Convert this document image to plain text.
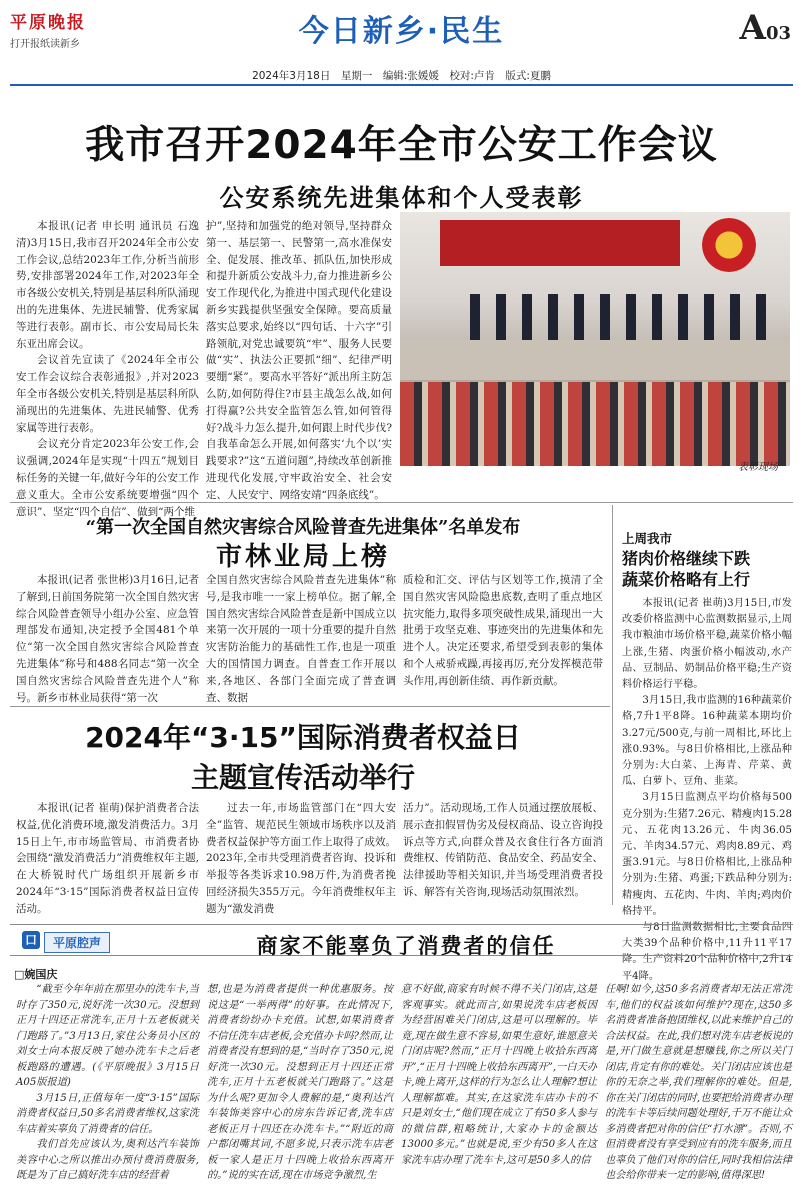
平原晚报
打开报纸读新乡	今日新乡·民生	A03
2024年3月18日　星期一　编辑:张媛媛　校对:卢肯　版式:夏鹏
我市召开2024年全市公安工作会议
公安系统先进集体和个人受表彰

本报讯(记者 申长明 通讯员 石逸清)3月15日,我市召开2024年全市公安工作会议,总结2023年工作,分析当前形势,安排部署2024年工作,对2023年全市各级公安机关,特别是基层科所队涌现出的先进集体、先进民辅警、优秀家属等进行表彰。副市长、市公安局局长朱东亚出席会议。

会议首先宣读了《2024年全市公安工作会议综合表彰通报》,并对2023年全市各级公安机关,特别是基层科所队涌现出的先进集体、先进民辅警、优秀家属等进行表彰。

会议充分肯定2023年公安工作,会议强调,2024年是实现“十四五”规划目标任务的关键一年,做好今年的公安工作意义重大。全市公安系统要增强“四个意识”、坚定“四个自信”、做到“两个维

护”,坚持和加强党的绝对领导,坚持群众第一、基层第一、民警第一,高水准保安全、促发展、推改革、抓队伍,加快形成和提升新质公安战斗力,奋力推进新乡公安工作现代化,为推进中国式现代化建设新乡实践提供坚强安全保障。要高质量落实总要求,始终以“四句话、十六字”引路领航,对党忠诚要筑“牢”、服务人民要做“实”、执法公正要抓“细”、纪律严明要绷“紧”。要高水平答好“派出所主防怎么防,如何防得住?市县主战怎么战,如何打得赢?公共安全监管怎么管,如何管得好?战斗力怎么提升,如何跟上时代步伐?自我革命怎么开展,如何落实‘九个以’实践要求?”这“五道问题”,持续改革创新推进现代化发展,守牢政治安全、社会安定、人民安宁、网络安靖“四条底线”。

表彰现场
“第一次全国自然灾害综合风险普查先进集体”名单发布
市林业局上榜

本报讯(记者 张世彬)3月16日,记者了解到,日前国务院第一次全国自然灾害综合风险普查领导小组办公室、应急管理部发布通知,决定授予全国481个单位“第一次全国自然灾害综合风险普查先进集体”称号和488名同志“第一次全国自然灾害综合风险普查先进个人”称号。新乡市林业局获得“第一次

全国自然灾害综合风险普查先进集体”称号,是我市唯一一家上榜单位。据了解,全国自然灾害综合风险普查是新中国成立以来第一次开展的一项十分重要的提升自然灾害防治能力的基础性工作,也是一项重大的国情国力调查。自普查工作开展以来,各地区、各部门全面完成了普查调查、数据

质检和汇交、评估与区划等工作,摸清了全国自然灾害风险隐患底数,查明了重点地区抗灾能力,取得多项突破性成果,涌现出一大批勇于攻坚克难、事迹突出的先进集体和先进个人。决定还要求,希望受到表彰的集体和个人戒骄戒躁,再接再厉,充分发挥模范带头作用,再创新佳绩、再作新贡献。

2024年“3·15”国际消费者权益日
主题宣传活动举行

本报讯(记者 崔萌)保护消费者合法权益,优化消费环境,激发消费活力。3月15日上午,市市场监管局、市消费者协会围绕“激发消费活力”消费维权年主题,在大桥锐时代广场组织开展新乡市2024年“3·15”国际消费者权益日宣传活动。

过去一年,市场监管部门在“四大安全”监管、规范民生领域市场秩序以及消费者权益保护等方面工作上取得了成效。2023年,全市共受理消费者咨询、投诉和举报等各类诉求10.98万件,为消费者挽回经济损失355万元。今年消费维权年主题为“激发消费

活力”。活动现场,工作人员通过摆放展板、展示查扣假冒伪劣及侵权商品、设立咨询投诉点等方式,向群众普及衣食住行各方面消费维权、传销防范、食品安全、药品安全、法律援助等相关知识,并当场受理消费者投诉、解答有关咨询,现场活动氛围浓烈。

上周我市
猪肉价格继续下跌
蔬菜价格略有上行

本报讯(记者 崔萌)3月15日,市发改委价格监测中心监测数据显示,上周我市粮油市场价格平稳,蔬菜价格小幅上涨,生猪、肉蛋价格小幅波动,水产品、豆制品、奶制品价格平稳;生产资料价格运行平稳。

3月15日,我市监测的16种蔬菜价格,7升1平8降。16种蔬菜本期均价3.27元/500克,与前一周相比,环比上涨0.93%。与8日价格相比,上涨品种分别为:大白菜、上海青、芹菜、黄瓜、白萝卜、豆角、韭菜。

3月15日监测点平均价格每500克分别为:生猪7.26元、精瘦肉15.28元、五花肉13.26元、牛肉36.05元、羊肉34.57元、鸡肉8.89元、鸡蛋3.91元。与8日价格相比,上涨品种分别为:生猪、鸡蛋;下跌品种分别为:精瘦肉、五花肉、牛肉、羊肉;鸡肉价格持平。

与8日监测数据相比,主要食品四大类39个品种价格中,11升11平17降。生产资料20个品种价格中,2升14平4降。

口	平原腔声	商家不能辜负了消费者的信任
□婉国庆

“截至今年年前在那里办的洗车卡,当时存了350元,说好洗一次30元。没想到正月十四还正常洗车,正月十五老板就关门跑路了。”3月13日,家住公务员小区的刘女士向本报反映了她办洗车卡之后老板跑路的遭遇。(《平原晚报》3月15日A05版报道)

3月15日,正值每年一度“3·15”国际消费者权益日,50多名消费者维权,这家洗车店着实辜负了消费者的信任。

我们首先应该认为,奥利达汽车装饰美容中心之所以推出办预付费消费服务,既是为了自己搞好洗车店的经营着

想,也是为消费者提供一种优惠服务。按说这是“一举两得”的好事。在此情况下,消费者纷纷办卡充值。试想,如果消费者不信任洗车店老板,会充值办卡吗?然而,让消费者没有想到的是,“当时存了350元,说好洗一次30元。没想到正月十四还正常洗车,正月十五老板就关门跑路了。”这是为什么呢?更加令人费解的是,“奥利达汽车装饰美容中心的房东告诉记者,洗车店老板正月十四还在办洗车卡。”“附近的商户都闭嘴其词,不愿多说,只表示洗车店老板一家人是正月十四晚上收拾东西离开的。”说的实在话,现在市场竞争激烈,生

意不好做,商家有时候不得不关门闭店,这是客观事实。就此而言,如果说洗车店老板因为经营困难关门闭店,这是可以理解的。毕竟,现在做生意不容易,如果生意好,谁愿意关门闭店呢?然而,“正月十四晚上收拾东西离开”,“正月十四晚上收拾东西离开”,一白天办卡,晚上离开,这样的行为怎么让人理解?想让人理解都难。其实,在这家洗车店办卡的不只是刘女士,“他们现在成立了有50多人参与的微信群,粗略统计,大家办卡的金额达13000多元。”也就是说,至少有50多人在这家洗车店办理了洗车卡,这可是50多人的信

任啊!如今,这50多名消费者却无法正常洗车,他们的权益该如何维护?现在,这50多名消费者准备抱团维权,以此来维护自己的合法权益。在此,我们想对洗车店老板说的是,开门做生意就是想赚钱,你之所以关门闭店,肯定有你的难处。关门闭店应该也是你的无奈之举,我们理解你的难处。但是,你在关门闭店的同时,也要把给消费者办理的洗车卡等后续问题处理好,千万不能让众多消费者把对你的信任“打水漂”。否则,不但消费者没有享受到应有的洗车服务,而且也辜负了他们对你的信任,同时我相信法律也会给你带来一定的影响,值得深思!
